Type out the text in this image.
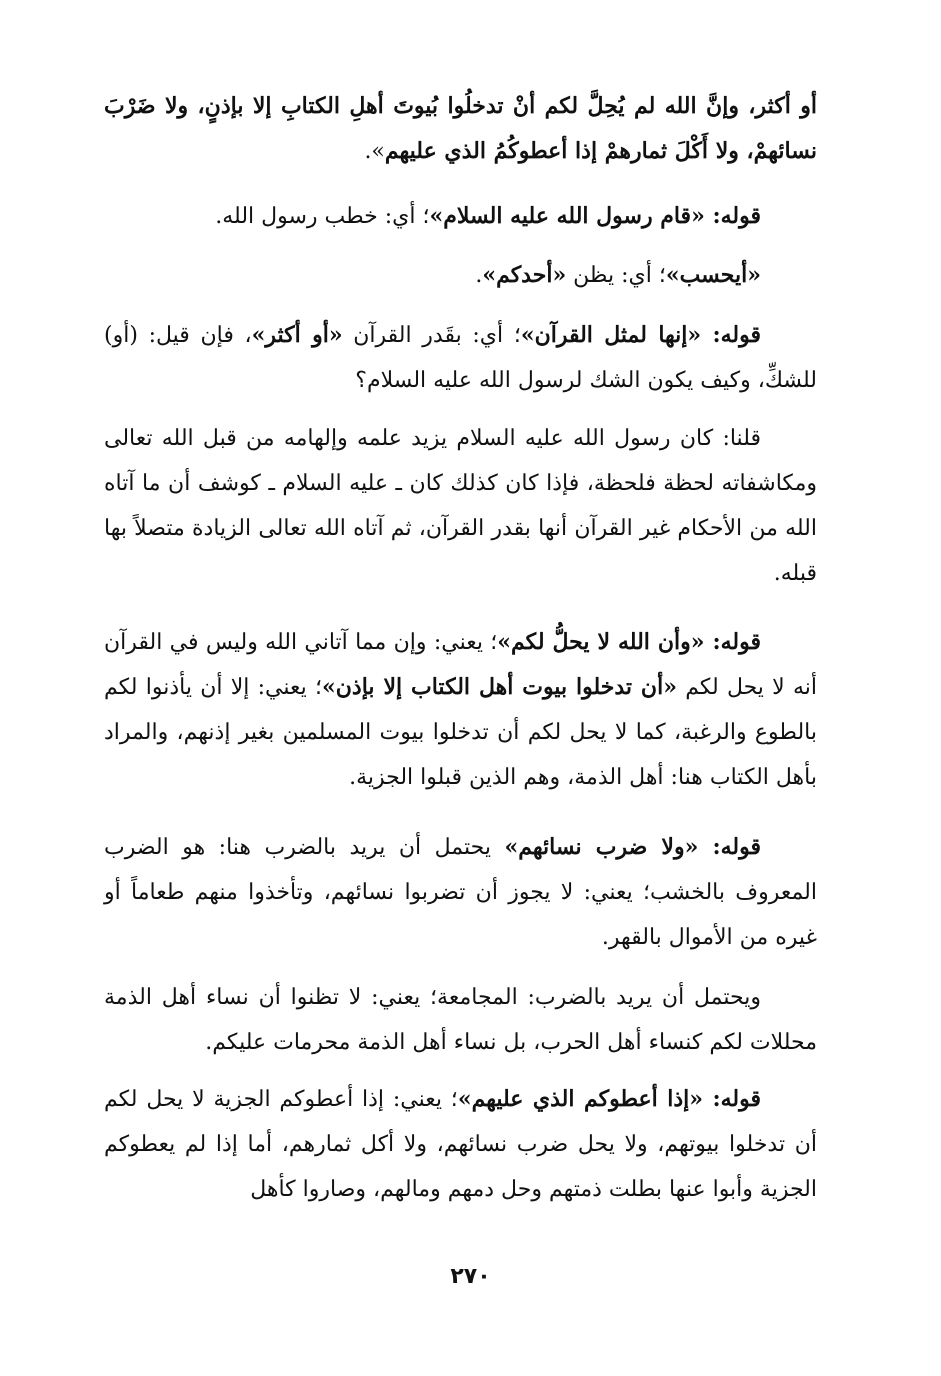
أو أكثر، وإنَّ الله لم يُحِلَّ لكم أنْ تدخلُوا بُيوتَ أهلِ الكتابِ إلا بإذنٍ، ولا ضَرْبَ نسائهمْ، ولا أَكْلَ ثمارهمْ إذا أعطوكُمُ الذي عليهم».

قوله: «قام رسول الله عليه السلام»؛ أي: خطب رسول الله.

«أيحسب»؛ أي: يظن «أحدكم».

قوله: «إنها لمثل القرآن»؛ أي: بقَدر القرآن «أو أكثر»، فإن قيل: (أو) للشكِّ، وكيف يكون الشك لرسول الله عليه السلام؟

قلنا: كان رسول الله عليه السلام يزيد علمه وإلهامه من قبل الله تعالى ومكاشفاته لحظة فلحظة، فإذا كان كذلك كان ـ عليه السلام ـ كوشف أن ما آتاه الله من الأحكام غير القرآن أنها بقدر القرآن، ثم آتاه الله تعالى الزيادة متصلاً بها قبله.

قوله: «وأن الله لا يحلُّ لكم»؛ يعني: وإن مما آتاني الله وليس في القرآن أنه لا يحل لكم «أن تدخلوا بيوت أهل الكتاب إلا بإذن»؛ يعني: إلا أن يأذنوا لكم بالطوع والرغبة، كما لا يحل لكم أن تدخلوا بيوت المسلمين بغير إذنهم، والمراد بأهل الكتاب هنا: أهل الذمة، وهم الذين قبلوا الجزية.

قوله: «ولا ضرب نسائهم» يحتمل أن يريد بالضرب هنا: هو الضرب المعروف بالخشب؛ يعني: لا يجوز أن تضربوا نسائهم، وتأخذوا منهم طعاماً أو غيره من الأموال بالقهر.

ويحتمل أن يريد بالضرب: المجامعة؛ يعني: لا تظنوا أن نساء أهل الذمة محللات لكم كنساء أهل الحرب، بل نساء أهل الذمة محرمات عليكم.

قوله: «إذا أعطوكم الذي عليهم»؛ يعني: إذا أعطوكم الجزية لا يحل لكم أن تدخلوا بيوتهم، ولا يحل ضرب نسائهم، ولا أكل ثمارهم، أما إذا لم يعطوكم الجزية وأبوا عنها بطلت ذمتهم وحل دمهم ومالهم، وصاروا كأهل

٢٧٠
